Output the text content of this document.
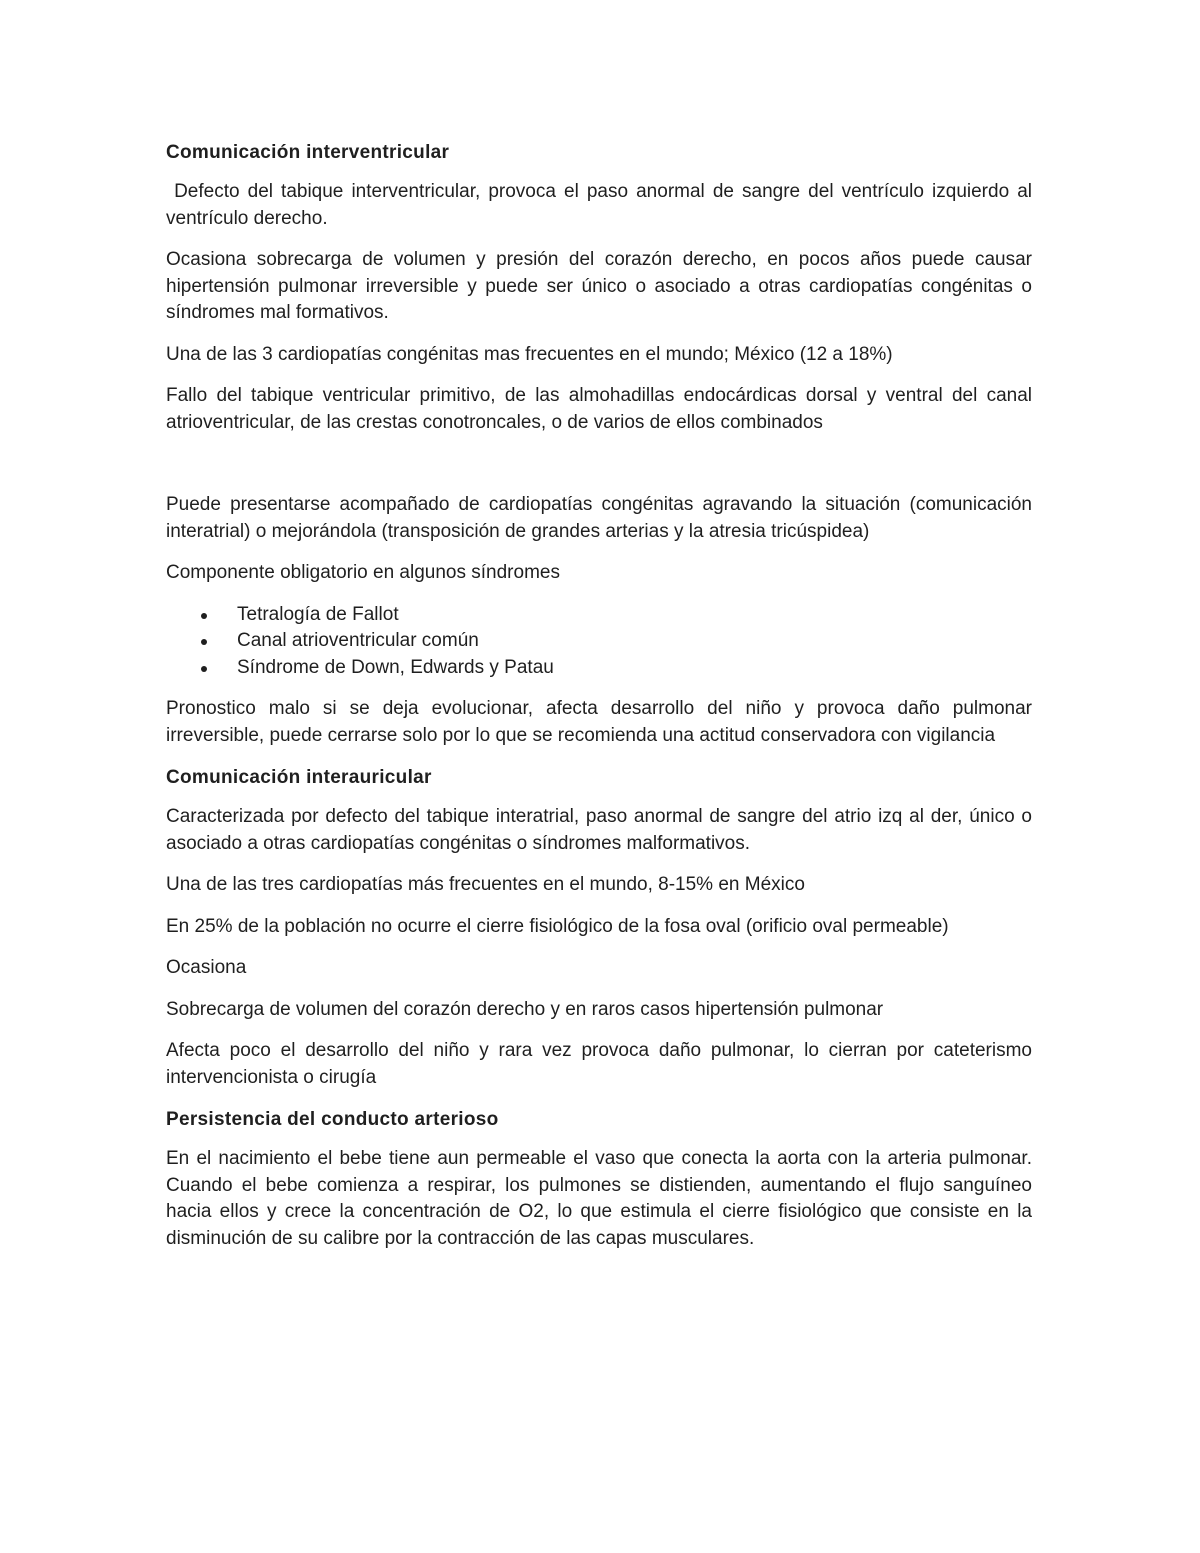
Comunicación interventricular

Defecto del tabique interventricular, provoca el paso anormal de sangre del ventrículo izquierdo al ventrículo derecho.

Ocasiona sobrecarga de volumen y presión del corazón derecho, en pocos años puede causar hipertensión pulmonar irreversible y puede ser único o asociado a otras cardiopatías congénitas o síndromes mal formativos.

Una de las 3 cardiopatías congénitas mas frecuentes en el mundo; México (12 a 18%)

Fallo del tabique ventricular primitivo, de las almohadillas endocárdicas dorsal y ventral del canal atrioventricular, de las crestas conotroncales, o de varios de ellos combinados

Puede presentarse acompañado de cardiopatías congénitas agravando la situación (comunicación interatrial) o mejorándola (transposición de grandes arterias y la atresia tricúspidea)

Componente obligatorio en algunos síndromes

Tetralogía de Fallot
Canal atrioventricular común
Síndrome de Down, Edwards y Patau

Pronostico malo si se deja evolucionar, afecta desarrollo del niño y provoca daño pulmonar irreversible, puede cerrarse solo por lo que se recomienda una actitud conservadora con vigilancia

Comunicación interauricular

Caracterizada por defecto del tabique interatrial, paso anormal de sangre del atrio izq al der, único o asociado a otras cardiopatías congénitas o síndromes malformativos.

Una de las tres cardiopatías más frecuentes en el mundo, 8-15% en México

En 25% de la población no ocurre el cierre fisiológico de la fosa oval (orificio oval permeable)

Ocasiona

Sobrecarga de volumen del corazón derecho y en raros casos hipertensión pulmonar

Afecta poco el desarrollo del niño y rara vez provoca daño pulmonar, lo cierran por cateterismo intervencionista o cirugía

Persistencia del conducto arterioso

En el nacimiento el bebe tiene aun permeable el vaso que conecta la aorta con la arteria pulmonar. Cuando el bebe comienza a respirar, los pulmones se distienden, aumentando el flujo sanguíneo hacia ellos y crece la concentración de O2, lo que estimula el cierre fisiológico que consiste en la disminución de su calibre por la contracción de las capas musculares.
